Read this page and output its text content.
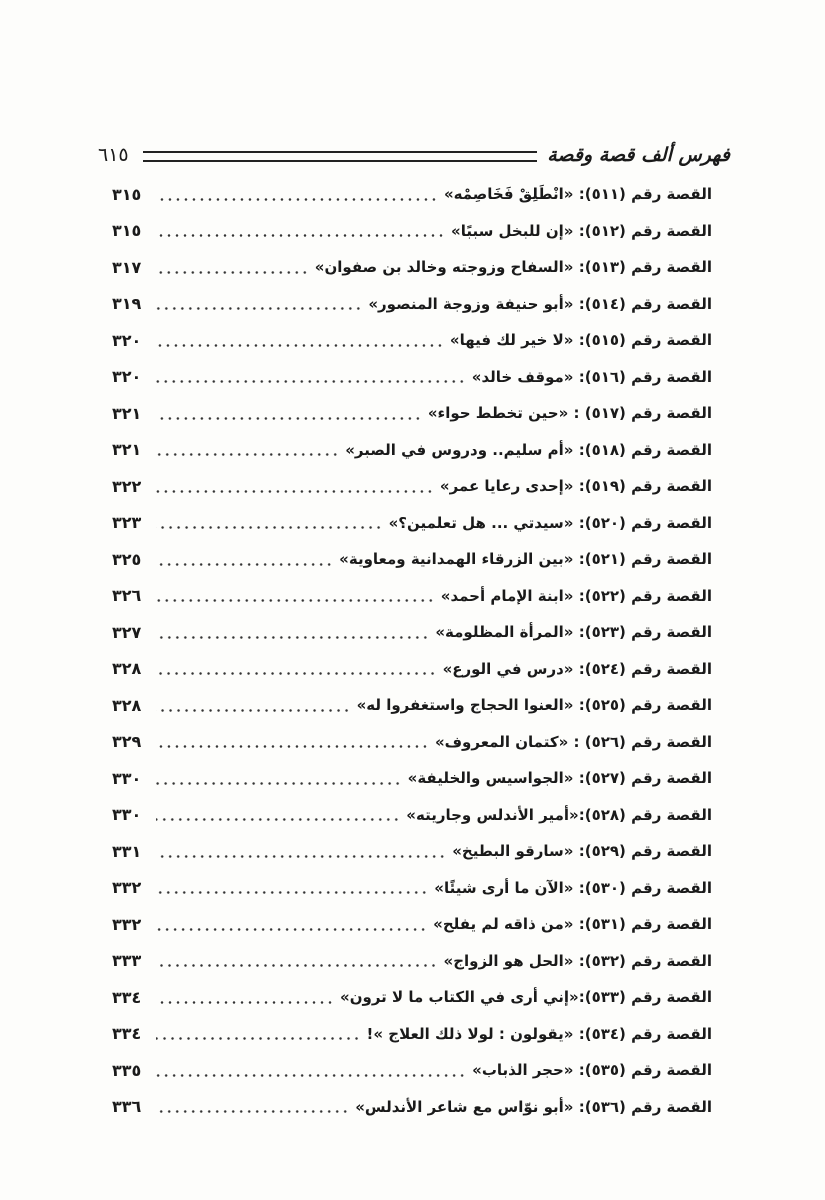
فهرس ألف قصة وقصة
٦١٥
القصة رقم (٥١١): «انْطَلِقْ فَخَاصِمْه»
٣١٥
القصة رقم (٥١٢): «إن للبخل سببًا»
٣١٥
القصة رقم (٥١٣): «السفاح وزوجته وخالد بن صفوان»
٣١٧
القصة رقم (٥١٤): «أبو حنيفة وزوجة المنصور»
٣١٩
القصة رقم (٥١٥): «لا خير لك فيها»
٣٢٠
القصة رقم (٥١٦): «موقف خالد»
٣٢٠
القصة رقم (٥١٧) : «حين تخطط حواء»
٣٢١
القصة رقم (٥١٨): «أم سليم.. ودروس في الصبر»
٣٢١
القصة رقم (٥١٩): «إحدى رعايا عمر»
٣٢٢
القصة رقم (٥٢٠): «سيدتي ... هل تعلمين؟»
٣٢٣
القصة رقم (٥٢١): «بين الزرقاء الهمدانية ومعاوية»
٣٢٥
القصة رقم (٥٢٢): «ابنة الإمام أحمد»
٣٢٦
القصة رقم (٥٢٣): «المرأة المظلومة»
٣٢٧
القصة رقم (٥٢٤): «درس في الورع»
٣٢٨
القصة رقم (٥٢٥): «العنوا الحجاج واستغفروا له»
٣٢٨
القصة رقم (٥٢٦) : «كتمان المعروف»
٣٢٩
القصة رقم (٥٢٧): «الجواسيس والخليفة»
٣٣٠
القصة رقم (٥٢٨):«أمير الأندلس وجاريته»
٣٣٠
القصة رقم (٥٢٩): «سارقو البطيخ»
٣٣١
القصة رقم (٥٣٠): «الآن ما أرى شيئًا»
٣٣٢
القصة رقم (٥٣١): «من ذاقه لم يفلح»
٣٣٢
القصة رقم (٥٣٢): «الحل هو الزواج»
٣٣٣
القصة رقم (٥٣٣):«إني أرى في الكتاب ما لا ترون»
٣٣٤
القصة رقم (٥٣٤): «يقولون : لولا ذلك العلاج »!
٣٣٤
القصة رقم (٥٣٥): «حجر الذباب»
٣٣٥
القصة رقم (٥٣٦): «أبو نوّاس مع شاعر الأندلس»
٣٣٦
